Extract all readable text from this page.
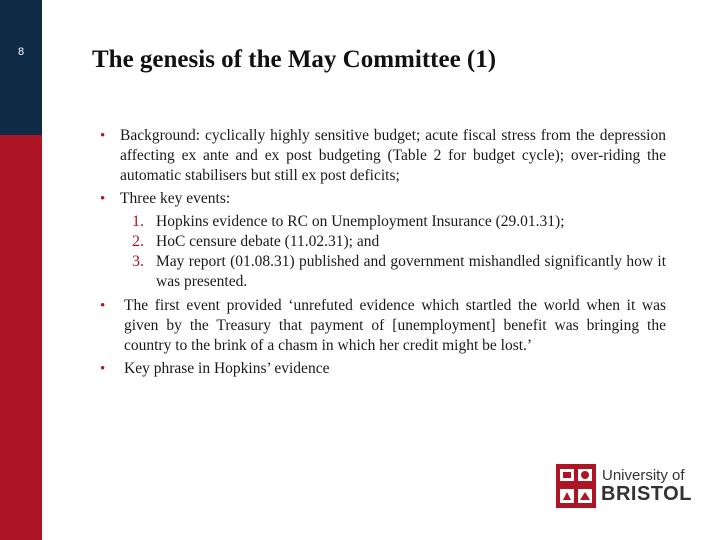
8	The genesis of the May Committee (1)
• Background: cyclically highly sensitive budget; acute fiscal stress from the depression affecting ex ante and ex post budgeting (Table 2 for budget cycle); over-riding the automatic stabilisers but still ex post deficits;
• Three key events:
1. Hopkins evidence to RC on Unemployment Insurance (29.01.31);
2. HoC censure debate (11.02.31); and
3. May report (01.08.31) published and government mishandled significantly how it was presented.
• The first event provided ‘unrefuted evidence which startled the world when it was given by the Treasury that payment of [unemployment] benefit was bringing the country to the brink of a chasm in which her credit might be lost.’
• Key phrase in Hopkins’ evidence
University of
BRISTOL
